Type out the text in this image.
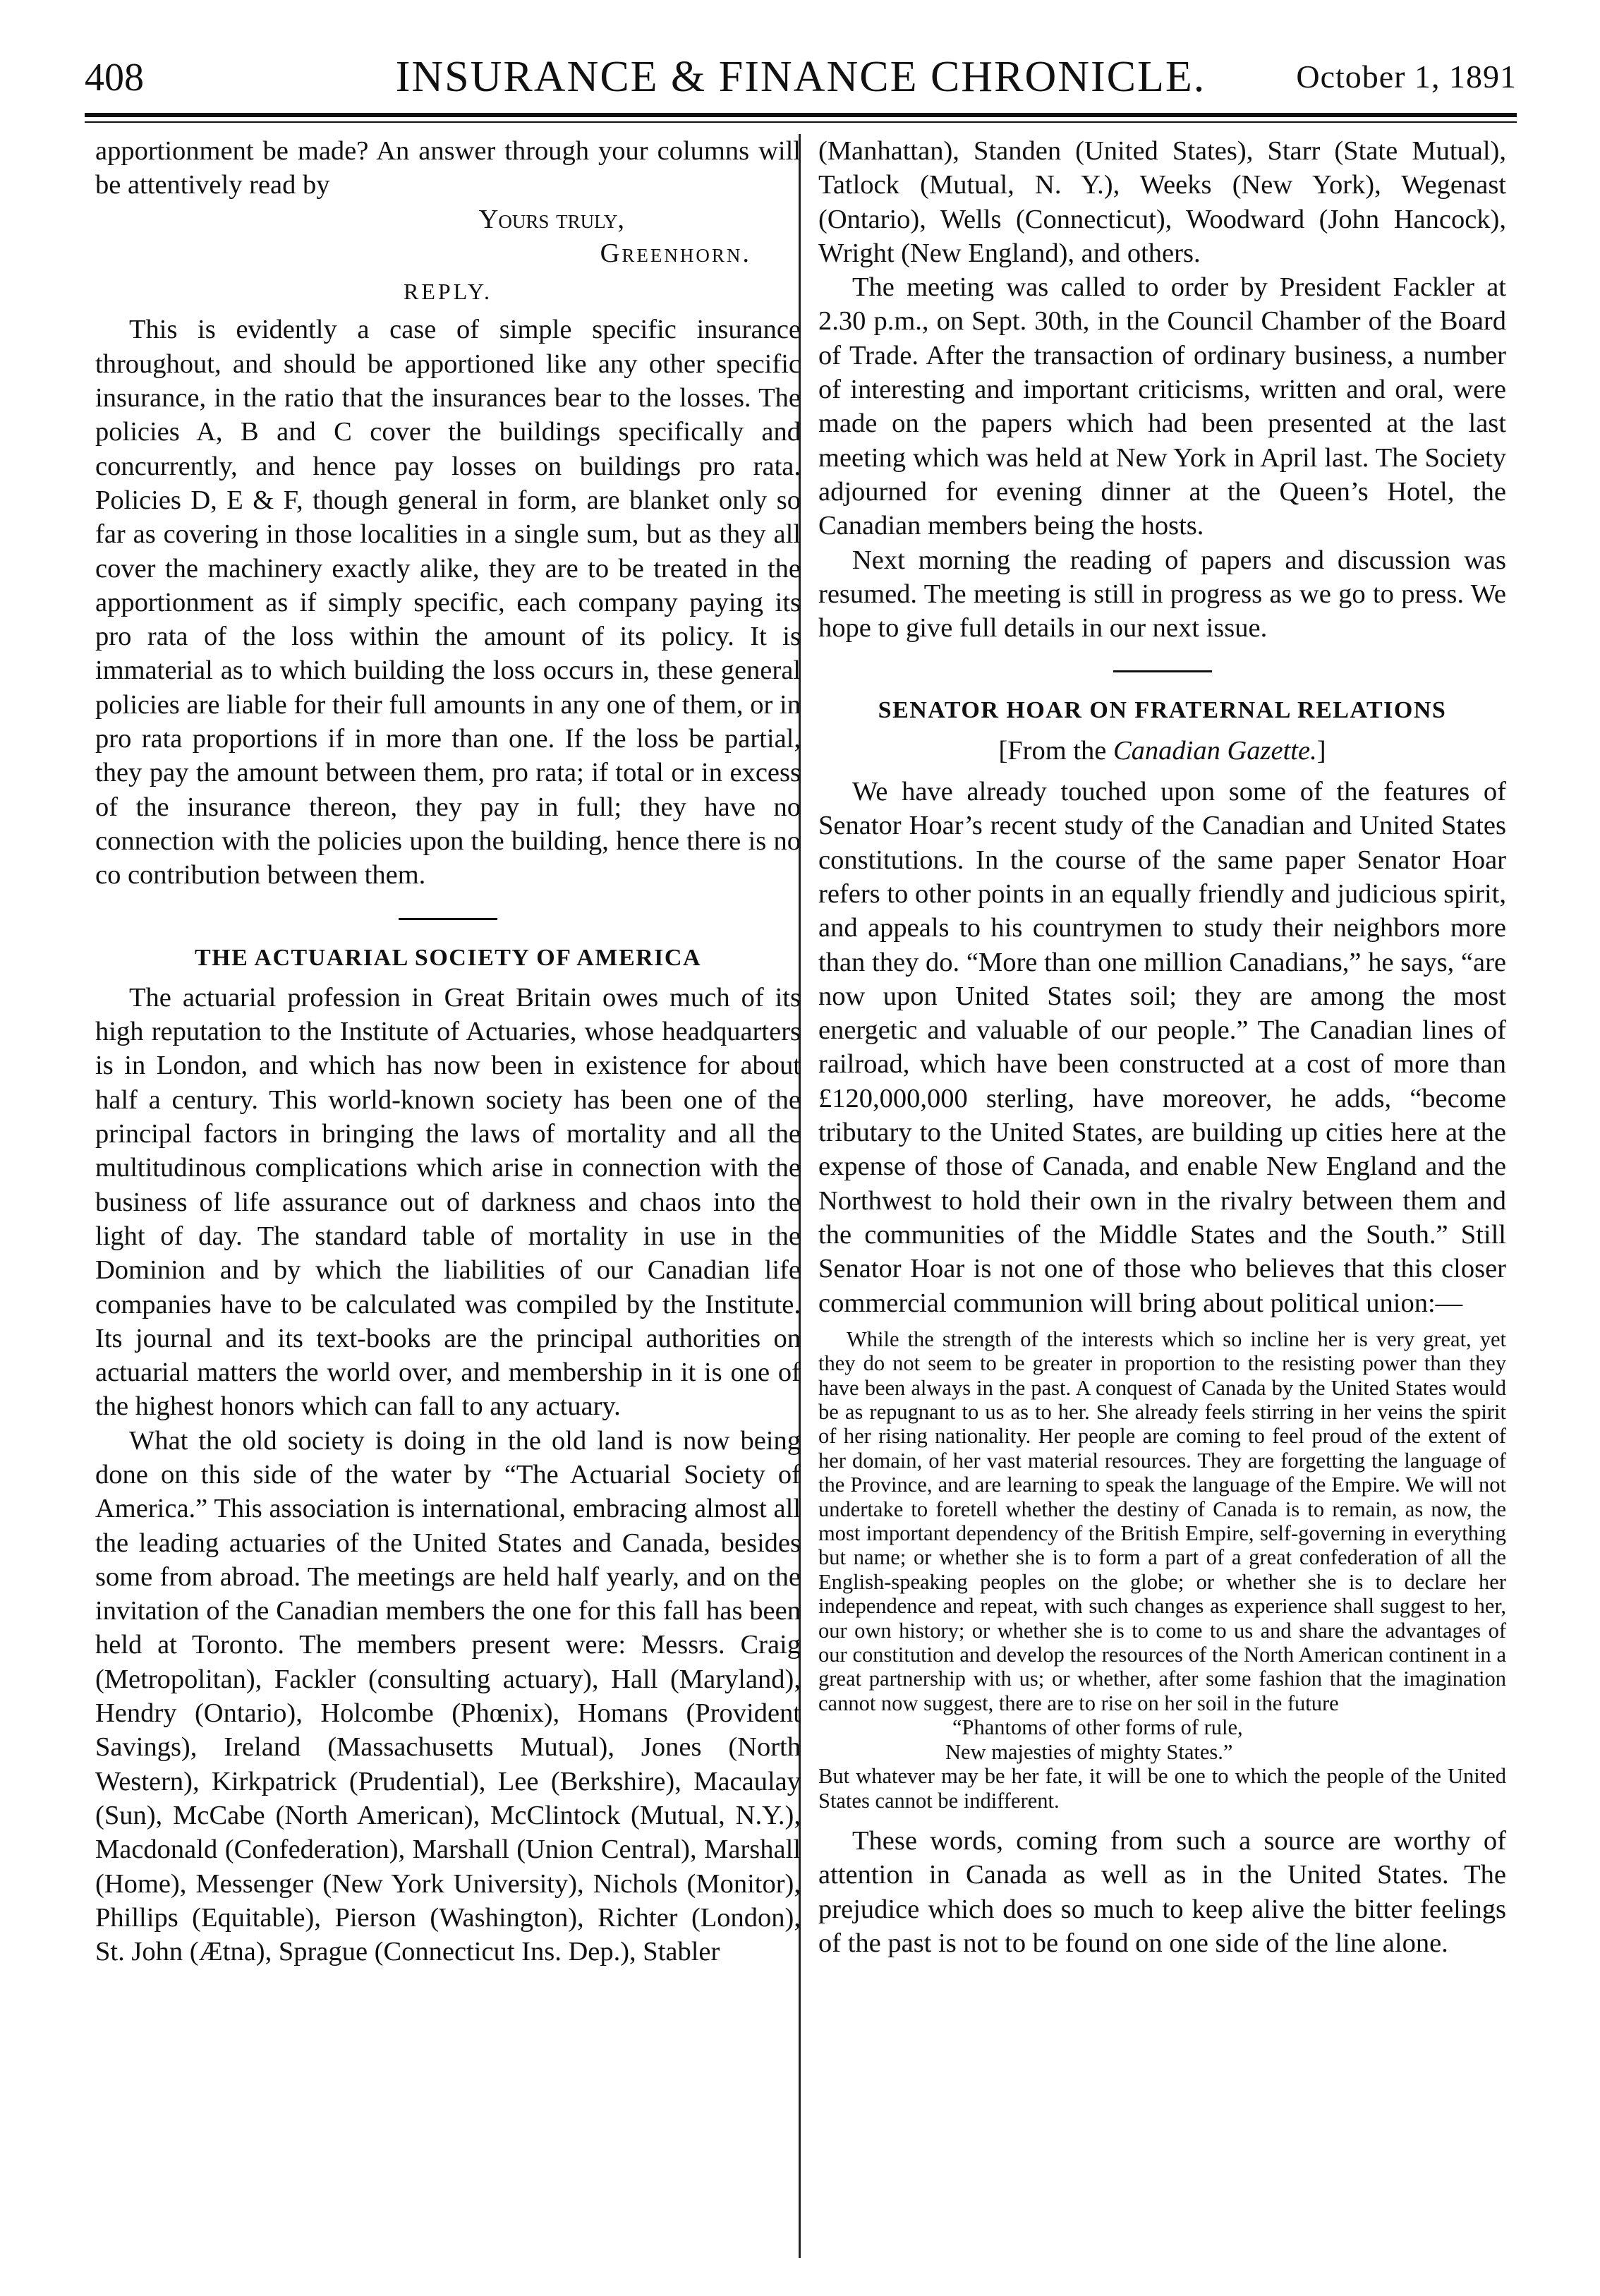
408	INSURANCE & FINANCE CHRONICLE.	October 1, 1891

apportionment be made? An answer through your columns will be attentively read by

Yours truly,

Greenhorn.

REPLY.

This is evidently a case of simple specific insurance throughout, and should be apportioned like any other specific insurance, in the ratio that the insurances bear to the losses. The policies A, B and C cover the buildings specifically and concurrently, and hence pay losses on buildings pro rata. Policies D, E & F, though general in form, are blanket only so far as covering in those localities in a single sum, but as they all cover the machinery exactly alike, they are to be treated in the apportionment as if simply specific, each company paying its pro rata of the loss within the amount of its policy. It is immaterial as to which building the loss occurs in, these general policies are liable for their full amounts in any one of them, or in pro rata proportions if in more than one. If the loss be partial, they pay the amount between them, pro rata; if total or in excess of the insurance thereon, they pay in full; they have no connection with the policies upon the building, hence there is no co contribution between them.

THE ACTUARIAL SOCIETY OF AMERICA

The actuarial profession in Great Britain owes much of its high reputation to the Institute of Actuaries, whose headquarters is in London, and which has now been in existence for about half a century. This world-known society has been one of the principal factors in bringing the laws of mortality and all the multitudinous complications which arise in connection with the business of life assurance out of darkness and chaos into the light of day. The standard table of mortality in use in the Dominion and by which the liabilities of our Canadian life companies have to be calculated was compiled by the Institute. Its journal and its text-books are the principal authorities on actuarial matters the world over, and membership in it is one of the highest honors which can fall to any actuary.

What the old society is doing in the old land is now being done on this side of the water by “The Actuarial Society of America.” This association is international, embracing almost all the leading actuaries of the United States and Canada, besides some from abroad. The meetings are held half yearly, and on the invitation of the Canadian members the one for this fall has been held at Toronto. The members present were: Messrs. Craig (Metropolitan), Fackler (consulting actuary), Hall (Maryland), Hendry (Ontario), Holcombe (Phœnix), Homans (Provident Savings), Ireland (Massachusetts Mutual), Jones (North Western), Kirkpatrick (Prudential), Lee (Berkshire), Macaulay (Sun), McCabe (North American), McClintock (Mutual, N.Y.), Macdonald (Confederation), Marshall (Union Central), Marshall (Home), Messenger (New York University), Nichols (Monitor), Phillips (Equitable), Pierson (Washington), Richter (London), St. John (Ætna), Sprague (Connecticut Ins. Dep.), Stabler

(Manhattan), Standen (United States), Starr (State Mutual), Tatlock (Mutual, N. Y.), Weeks (New York), Wegenast (Ontario), Wells (Connecticut), Woodward (John Hancock), Wright (New England), and others.

The meeting was called to order by President Fackler at 2.30 p.m., on Sept. 30th, in the Council Chamber of the Board of Trade. After the transaction of ordinary business, a number of interesting and important criticisms, written and oral, were made on the papers which had been presented at the last meeting which was held at New York in April last. The Society adjourned for evening dinner at the Queen’s Hotel, the Canadian members being the hosts.

Next morning the reading of papers and discussion was resumed. The meeting is still in progress as we go to press. We hope to give full details in our next issue.

SENATOR HOAR ON FRATERNAL RELATIONS
[From the Canadian Gazette.]

We have already touched upon some of the features of Senator Hoar’s recent study of the Canadian and United States constitutions. In the course of the same paper Senator Hoar refers to other points in an equally friendly and judicious spirit, and appeals to his countrymen to study their neighbors more than they do. “More than one million Canadians,” he says, “are now upon United States soil; they are among the most energetic and valuable of our people.” The Canadian lines of railroad, which have been constructed at a cost of more than £120,000,000 sterling, have moreover, he adds, “become tributary to the United States, are building up cities here at the expense of those of Canada, and enable New England and the Northwest to hold their own in the rivalry between them and the communities of the Middle States and the South.” Still Senator Hoar is not one of those who believes that this closer commercial communion will bring about political union:—

While the strength of the interests which so incline her is very great, yet they do not seem to be greater in proportion to the resisting power than they have been always in the past. A conquest of Canada by the United States would be as repugnant to us as to her. She already feels stirring in her veins the spirit of her rising nationality. Her people are coming to feel proud of the extent of her domain, of her vast material resources. They are forgetting the language of the Province, and are learning to speak the language of the Empire. We will not undertake to foretell whether the destiny of Canada is to remain, as now, the most important dependency of the British Empire, self-governing in everything but name; or whether she is to form a part of a great confederation of all the English-speaking peoples on the globe; or whether she is to declare her independence and repeat, with such changes as experience shall suggest to her, our own history; or whether she is to come to us and share the advantages of our constitution and develop the resources of the North American continent in a great partnership with us; or whether, after some fashion that the imagination cannot now suggest, there are to rise on her soil in the future

“Phantoms of other forms of rule,
New majesties of mighty States.”

But whatever may be her fate, it will be one to which the people of the United States cannot be indifferent.

These words, coming from such a source are worthy of attention in Canada as well as in the United States. The prejudice which does so much to keep alive the bitter feelings of the past is not to be found on one side of the line alone.
